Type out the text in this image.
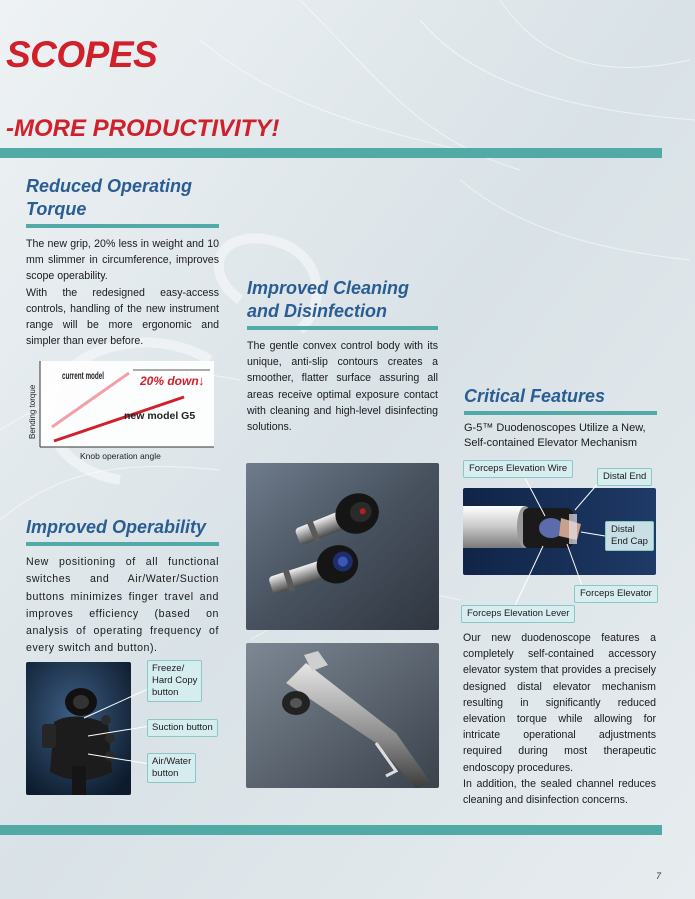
SCOPES
-MORE PRODUCTIVITY!
Reduced Operating
Torque

The new grip, 20% less in weight and 10 mm slimmer in circumference, improves scope operability.

With the redesigned easy-access controls, handling of the new instrument range will be more ergonomic and simpler than ever before.

current model	20% down ↓
new model G5
Bending torque
Knob operation angle
Improved Operability

New positioning of all functional switches and Air/Water/Suction buttons minimizes finger travel and improves efficiency (based on analysis of operating frequency of every switch and button).

Freeze/
Hard Copy
button
Suction button
Air/Water
button
Improved Cleaning
and Disinfection

The gentle convex control body with its unique, anti-slip contours creates a smoother, flatter surface assuring all areas receive optimal exposure contact with cleaning and high-level disinfecting solutions.

Critical Features

G-5™ Duodenoscopes Utilize a New, Self-contained Elevator Mechanism

Forceps Elevation Wire
Distal End
Distal
End Cap
Forceps Elevator
Forceps Elevation Lever

Our new duodenoscope features a completely self-contained accessory elevator system that provides a precisely designed distal elevator mechanism resulting in significantly reduced elevation torque while allowing for intricate operational adjustments required during most therapeutic endoscopy procedures.

In addition, the sealed channel reduces cleaning and disinfection concerns.

7
